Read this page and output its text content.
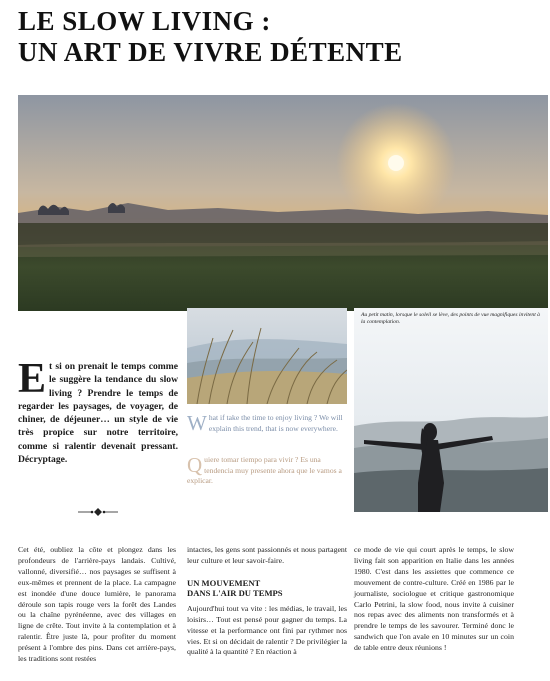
LE SLOW LIVING :
UN ART DE VIVRE DÉTENTE
Au petit matin, lorsque le soleil se lève, des points de vue magnifiques invitent à la contemplation.
E t si on prenait le temps comme le suggère la tendance du slow living ? Prendre le temps de regarder les paysages, de voyager, de chiner, de déjeuner… un style de vie très propice sur notre territoire, comme si ralentir devenait pressant. Décryptage.
W hat if take the time to enjoy living ? We will explain this trend, that is now everywhere.
Q uiere tomar tiempo para vivir ? Es una tendencia muy presente ahora que le vamos a explicar.

Cet été, oubliez la côte et plongez dans les profondeurs de l'arrière-pays landais. Cultivé, vallonné, diversifié… nos paysages se suffisent à eux-mêmes et prennent de la place. La campagne est inondée d'une douce lumière, le panorama déroule son tapis rouge vers la forêt des Landes ou la chaîne pyrénéenne, avec des villages en ligne de crête. Tout invite à la contemplation et à ralentir. Être juste là, pour profiter du moment présent à l'ombre des pins. Dans cet arrière-pays, les traditions sont restées

intactes, les gens sont passionnés et nous partagent leur culture et leur savoir-faire.

UN MOUVEMENT
DANS L'AIR DU TEMPS

Aujourd'hui tout va vite : les médias, le travail, les loisirs… Tout est pensé pour gagner du temps. La vitesse et la performance ont fini par rythmer nos vies. Et si on décidait de ralentir ? De privilégier la qualité à la quantité ? En réaction à

ce mode de vie qui court après le temps, le slow living fait son apparition en Italie dans les années 1980. C'est dans les assiettes que commence ce mouvement de contre-culture. Créé en 1986 par le journaliste, sociologue et critique gastronomique Carlo Petrini, la slow food, nous invite à cuisiner nos repas avec des aliments non transformés et à prendre le temps de les savourer. Terminé donc le sandwich que l'on avale en 10 minutes sur un coin de table entre deux réunions !
